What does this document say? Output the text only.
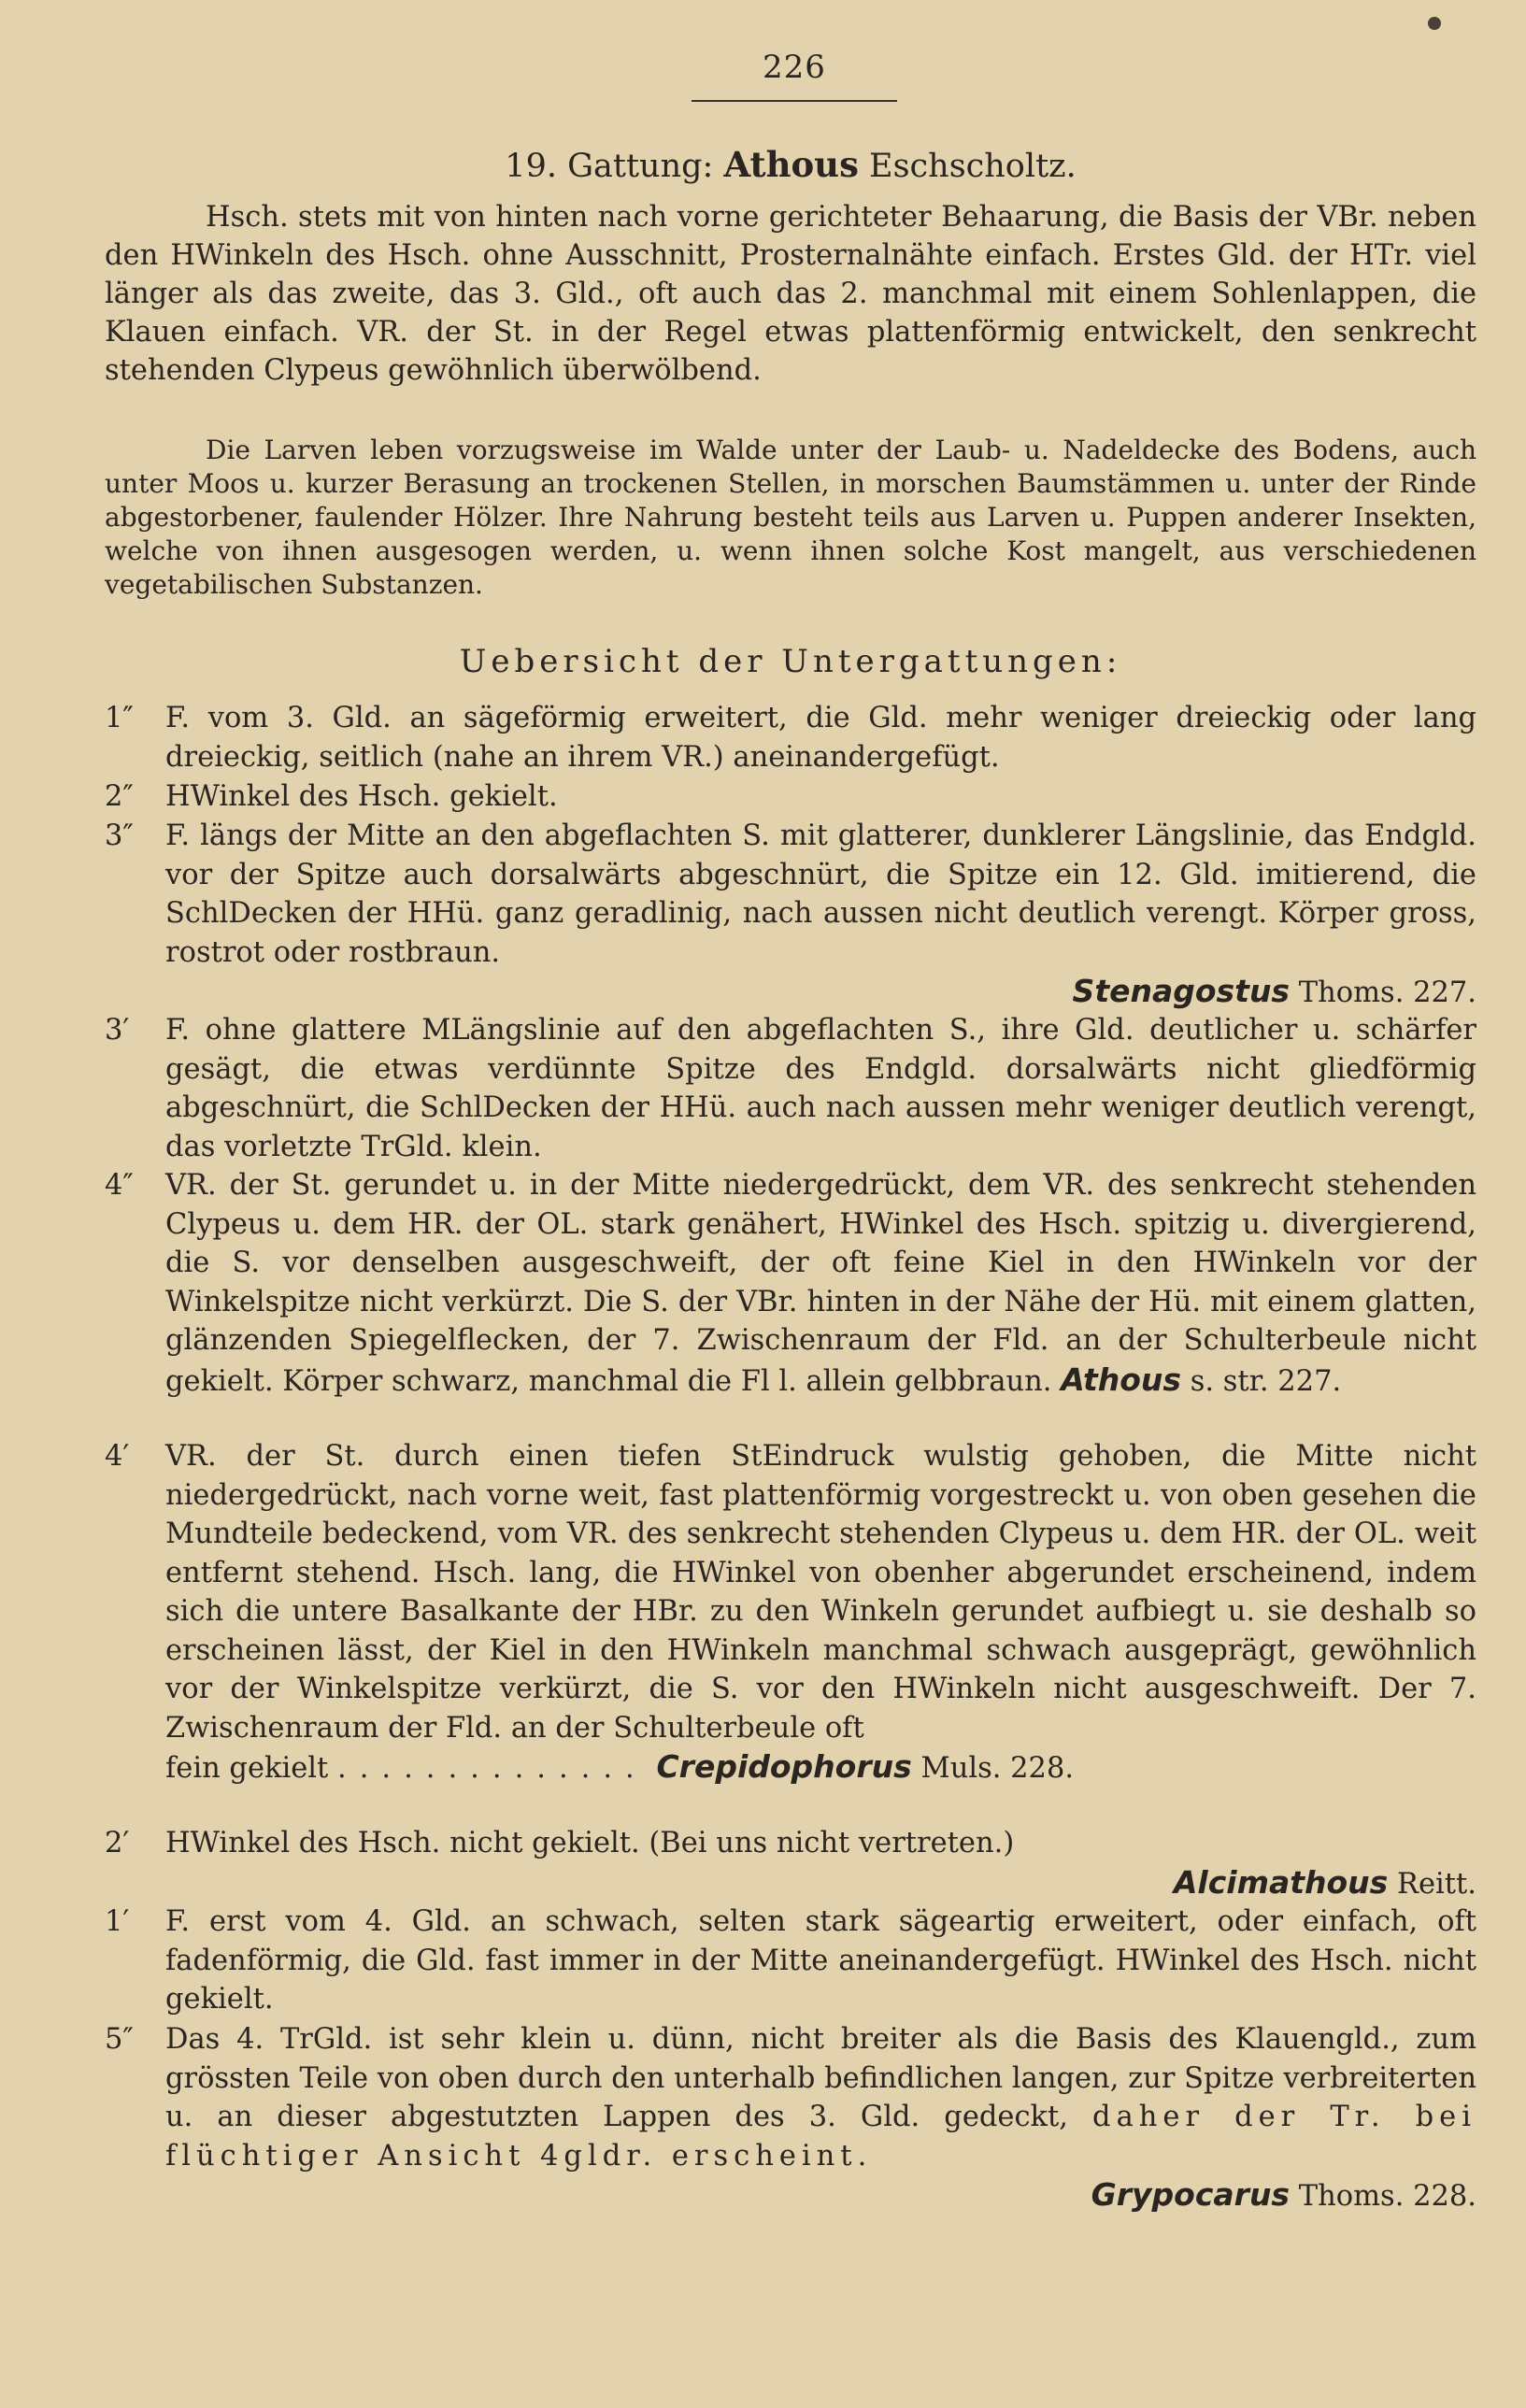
226
19. Gattung: Athous Eschscholtz.

Hsch. stets mit von hinten nach vorne gerichteter Behaarung, die Basis der VBr. neben den HWinkeln des Hsch. ohne Ausschnitt, Prosternalnähte einfach. Erstes Gld. der HTr. viel länger als das zweite, das 3. Gld., oft auch das 2. manchmal mit einem Sohlenlappen, die Klauen einfach. VR. der St. in der Regel etwas plattenförmig entwickelt, den senkrecht stehenden Clypeus gewöhnlich überwölbend.

Die Larven leben vorzugsweise im Walde unter der Laub- u. Nadeldecke des Bodens, auch unter Moos u. kurzer Berasung an trockenen Stellen, in morschen Baumstämmen u. unter der Rinde abgestorbener, faulender Hölzer. Ihre Nahrung besteht teils aus Larven u. Puppen anderer Insekten, welche von ihnen ausgesogen werden, u. wenn ihnen solche Kost mangelt, aus verschiedenen vegetabilischen Substanzen.

Uebersicht der Untergattungen:
1″	F. vom 3. Gld. an sägeförmig erweitert, die Gld. mehr weniger dreieckig oder lang dreieckig, seitlich (nahe an ihrem VR.) aneinandergefügt.
2″	HWinkel des Hsch. gekielt.
3″	F. längs der Mitte an den abgeflachten S. mit glatterer, dunklerer Längslinie, das Endgld. vor der Spitze auch dorsalwärts abgeschnürt, die Spitze ein 12. Gld. imitierend, die SchlDecken der HHü. ganz geradlinig, nach aussen nicht deutlich verengt. Körper gross, rostrot oder rostbraun.
Stenagostus Thoms. 227.
3′	F. ohne glattere MLängslinie auf den abgeflachten S., ihre Gld. deutlicher u. schärfer gesägt, die etwas verdünnte Spitze des Endgld. dorsalwärts nicht gliedförmig abgeschnürt, die SchlDecken der HHü. auch nach aussen mehr weniger deutlich verengt, das vorletzte TrGld. klein.
4″	VR. der St. gerundet u. in der Mitte niedergedrückt, dem VR. des senkrecht stehenden Clypeus u. dem HR. der OL. stark genähert, HWinkel des Hsch. spitzig u. divergierend, die S. vor denselben ausgeschweift, der oft feine Kiel in den HWinkeln vor der Winkelspitze nicht verkürzt. Die S. der VBr. hinten in der Nähe der Hü. mit einem glatten, glänzenden Spiegelflecken, der 7. Zwischenraum der Fld. an der Schulterbeule nicht gekielt. Körper schwarz, manchmal die Fl l. allein gelbbraun. Athous s. str. 227.
4′	VR. der St. durch einen tiefen StEindruck wulstig gehoben, die Mitte nicht niedergedrückt, nach vorne weit, fast plattenförmig vorgestreckt u. von oben gesehen die Mundteile bedeckend, vom VR. des senkrecht stehenden Clypeus u. dem HR. der OL. weit entfernt stehend. Hsch. lang, die HWinkel von obenher abgerundet erscheinend, indem sich die untere Basalkante der HBr. zu den Winkeln gerundet aufbiegt u. sie deshalb so erscheinen lässt, der Kiel in den HWinkeln manchmal schwach ausgeprägt, gewöhnlich vor der Winkelspitze verkürzt, die S. vor den HWinkeln nicht ausgeschweift. Der 7. Zwischenraum der Fld. an der Schulterbeule oft
fein gekielt .............. Crepidophorus Muls. 228.
2′	HWinkel des Hsch. nicht gekielt. (Bei uns nicht vertreten.)
Alcimathous Reitt.
1′	F. erst vom 4. Gld. an schwach, selten stark sägeartig erweitert, oder einfach, oft fadenförmig, die Gld. fast immer in der Mitte aneinandergefügt. HWinkel des Hsch. nicht gekielt.
5″	Das 4. TrGld. ist sehr klein u. dünn, nicht breiter als die Basis des Klauengld., zum grössten Teile von oben durch den unterhalb befindlichen langen, zur Spitze verbreiterten u. an dieser abgestutzten Lappen des 3. Gld. gedeckt, daher der Tr. bei flüchtiger Ansicht 4gldr. erscheint.
Grypocarus Thoms. 228.
